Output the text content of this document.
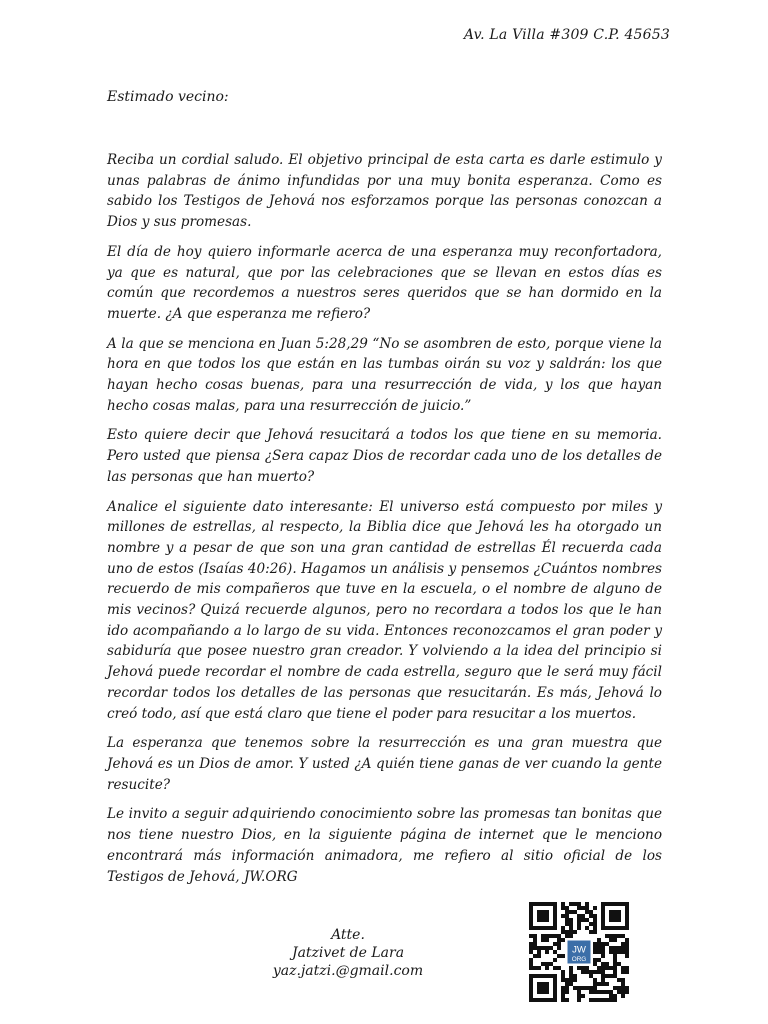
Av. La Villa #309 C.P. 45653
Estimado vecino:

Reciba un cordial saludo. El objetivo principal de esta carta es darle estimulo y unas palabras de ánimo infundidas por una muy bonita esperanza. Como es sabido los Testigos de Jehová nos esforzamos porque las personas conozcan a Dios y sus promesas.

El día de hoy quiero informarle acerca de una esperanza muy reconfortadora, ya que es natural, que por las celebraciones que se llevan en estos días es común que recordemos a nuestros seres queridos que se han dormido en la muerte. ¿A que esperanza me refiero?

A la que se menciona en Juan 5:28,29 “No se asombren de esto, porque viene la hora en que todos los que están en las tumbas oirán su voz y saldrán: los que hayan hecho cosas buenas, para una resurrección de vida, y los que hayan hecho cosas malas, para una resurrección de juicio.”

Esto quiere decir que Jehová resucitará a todos los que tiene en su memoria. Pero usted que piensa ¿Sera capaz Dios de recordar cada uno de los detalles de las personas que han muerto?

Analice el siguiente dato interesante: El universo está compuesto por miles y millones de estrellas, al respecto, la Biblia dice que Jehová les ha otorgado un nombre y a pesar de que son una gran cantidad de estrellas Él recuerda cada uno de estos (Isaías 40:26). Hagamos un análisis y pensemos ¿Cuántos nombres recuerdo de mis compañeros que tuve en la escuela, o el nombre de alguno de mis vecinos? Quizá recuerde algunos, pero no recordara a todos los que le han ido acompañando a lo largo de su vida. Entonces reconozcamos el gran poder y sabiduría que posee nuestro gran creador. Y volviendo a la idea del principio si Jehová puede recordar el nombre de cada estrella, seguro que le será muy fácil recordar todos los detalles de las personas que resucitarán. Es más, Jehová lo creó todo, así que está claro que tiene el poder para resucitar a los muertos.

La esperanza que tenemos sobre la resurrección es una gran muestra que Jehová es un Dios de amor. Y usted ¿A quién tiene ganas de ver cuando la gente resucite?

Le invito a seguir adquiriendo conocimiento sobre las promesas tan bonitas que nos tiene nuestro Dios, en la siguiente página de internet que le menciono encontrará más información animadora, me refiero al sitio oficial de los Testigos de Jehová, JW.ORG

Atte.
Jatzivet de Lara
yaz.jatzi.@gmail.com
JW
ORG
